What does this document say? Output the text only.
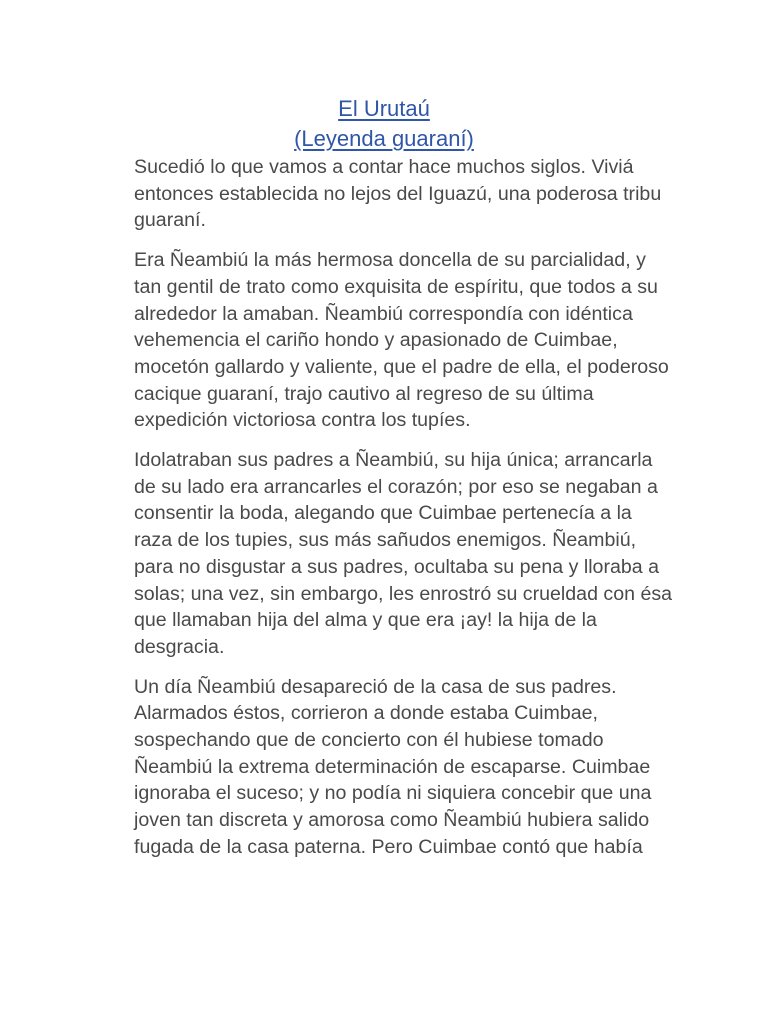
El Urutaú
(Leyenda guaraní)

Sucedió lo que vamos a contar hace muchos siglos. Viviá entonces establecida no lejos del Iguazú, una poderosa tribu guaraní.

Era Ñeambiú la más hermosa doncella de su parcialidad, y tan gentil de trato como exquisita de espíritu, que todos a su alrededor la amaban. Ñeambiú correspondía con idéntica vehemencia el cariño hondo y apasionado de Cuimbae, mocetón gallardo y valiente, que el padre de ella, el poderoso cacique guaraní, trajo cautivo al regreso de su última expedición victoriosa contra los tupíes.

Idolatraban sus padres a Ñeambiú, su hija única; arrancarla de su lado era arrancarles el corazón; por eso se negaban a consentir la boda, alegando que Cuimbae pertenecía a la raza de los tupies, sus más sañudos enemigos. Ñeambiú, para no disgustar a sus padres, ocultaba su pena y lloraba a solas; una vez, sin embargo, les enrostró su crueldad con ésa que llamaban hija del alma y que era ¡ay! la hija de la desgracia.

Un día Ñeambiú desapareció de la casa de sus padres. Alarmados éstos, corrieron a donde estaba Cuimbae, sospechando que de concierto con él hubiese tomado Ñeambiú la extrema determinación de escaparse. Cuimbae ignoraba el suceso; y no podía ni siquiera concebir que una joven tan discreta y amorosa como Ñeambiú hubiera salido fugada de la casa paterna. Pero Cuimbae contó que había
